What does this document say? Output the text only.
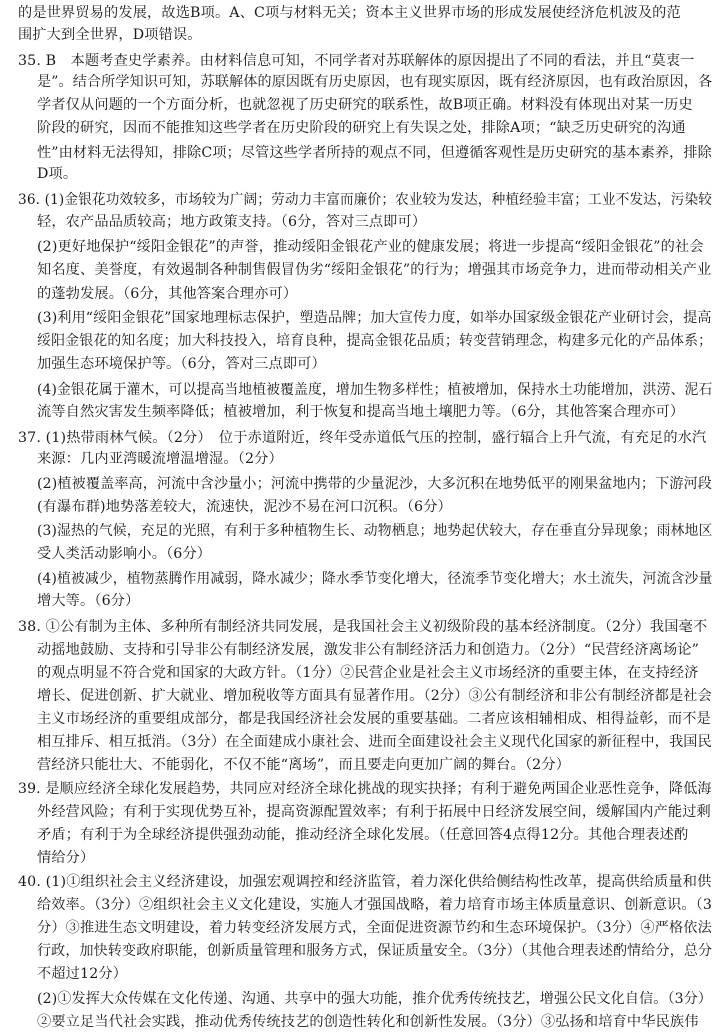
的是世界贸易的发展，故选B项。A、C项与材料无关；资本主义世界市场的形成发展使经济危机波及的范
围扩大到全世界，D项错误。
35. B　本题考查史学素养。由材料信息可知，不同学者对苏联解体的原因提出了不同的看法，并且“莫衷一
是”。结合所学知识可知，苏联解体的原因既有历史原因，也有现实原因，既有经济原因，也有政治原因，各
学者仅从问题的一个方面分析，也就忽视了历史研究的联系性，故B项正确。材料没有体现出对某一历史
阶段的研究，因而不能推知这些学者在历史阶段的研究上有失误之处，排除A项；“缺乏历史研究的沟通
性”由材料无法得知，排除C项；尽管这些学者所持的观点不同，但遵循客观性是历史研究的基本素养，排除
D项。
36. (1)金银花功效较多，市场较为广阔；劳动力丰富而廉价；农业较为发达，种植经验丰富；工业不发达，污染较
轻，农产品品质较高；地方政策支持。（6分，答对三点即可）
(2)更好地保护“绥阳金银花”的声誉，推动绥阳金银花产业的健康发展；将进一步提高“绥阳金银花”的社会
知名度、美誉度，有效遏制各种制售假冒伪劣“绥阳金银花”的行为；增强其市场竞争力，进而带动相关产业
的蓬勃发展。（6分，其他答案合理亦可）
(3)利用“绥阳金银花”国家地理标志保护，塑造品牌；加大宣传力度，如举办国家级金银花产业研讨会，提高
绥阳金银花的知名度；加大科技投入，培育良种，提高金银花品质；转变营销理念，构建多元化的产品体系；
加强生态环境保护等。（6分，答对三点即可）
(4)金银花属于灌木，可以提高当地植被覆盖度，增加生物多样性；植被增加，保持水土功能增加，洪涝、泥石
流等自然灾害发生频率降低；植被增加，利于恢复和提高当地土壤肥力等。（6分，其他答案合理亦可）
37. (1)热带雨林气候。（2分）　位于赤道附近，终年受赤道低气压的控制，盛行辐合上升气流，有充足的水汽
来源：几内亚湾暖流增温增湿。（2分）
(2)植被覆盖率高，河流中含沙量小；河流中携带的少量泥沙，大多沉积在地势低平的刚果盆地内；下游河段
(有瀑布群)地势落差较大，流速快，泥沙不易在河口沉积。（6分）
(3)湿热的气候，充足的光照，有利于多种植物生长、动物栖息；地势起伏较大，存在垂直分异现象；雨林地区
受人类活动影响小。（6分）
(4)植被减少，植物蒸腾作用减弱，降水减少；降水季节变化增大，径流季节变化增大；水土流失，河流含沙量
增大等。（6分）
38. ①公有制为主体、多种所有制经济共同发展，是我国社会主义初级阶段的基本经济制度。（2分）我国毫不
动摇地鼓励、支持和引导非公有制经济发展，激发非公有制经济活力和创造力。（2分）“民营经济离场论”
的观点明显不符合党和国家的大政方针。（1分）②民营企业是社会主义市场经济的重要主体，在支持经济
增长、促进创新、扩大就业、增加税收等方面具有显著作用。（2分）③公有制经济和非公有制经济都是社会
主义市场经济的重要组成部分，都是我国经济社会发展的重要基础。二者应该相辅相成、相得益彰，而不是
相互排斥、相互抵消。（3分）在全面建成小康社会、进而全面建设社会主义现代化国家的新征程中，我国民
营经济只能壮大、不能弱化，不仅不能“离场”，而且要走向更加广阔的舞台。（2分）
39. 是顺应经济全球化发展趋势，共同应对经济全球化挑战的现实抉择；有利于避免两国企业恶性竞争，降低海
外经营风险；有利于实现优势互补，提高资源配置效率；有利于拓展中日经济发展空间，缓解国内产能过剩
矛盾；有利于为全球经济提供强劲动能，推动经济全球化发展。（任意回答4点得12分。其他合理表述酌
情给分）
40. (1)①组织社会主义经济建设，加强宏观调控和经济监管，着力深化供给侧结构性改革，提高供给质量和供
给效率。（3分）②组织社会主义文化建设，实施人才强国战略，着力培育市场主体质量意识、创新意识。（3
分）③推进生态文明建设，着力转变经济发展方式，全面促进资源节约和生态环境保护。（3分）④严格依法
行政，加快转变政府职能，创新质量管理和服务方式，保证质量安全。（3分）（其他合理表述酌情给分，总分
不超过12分）
(2)①发挥大众传媒在文化传递、沟通、共享中的强大功能，推介优秀传统技艺，增强公民文化自信。（3分）
②要立足当代社会实践，推动优秀传统技艺的创造性转化和创新性发展。（3分）③弘扬和培育中华民族伟
